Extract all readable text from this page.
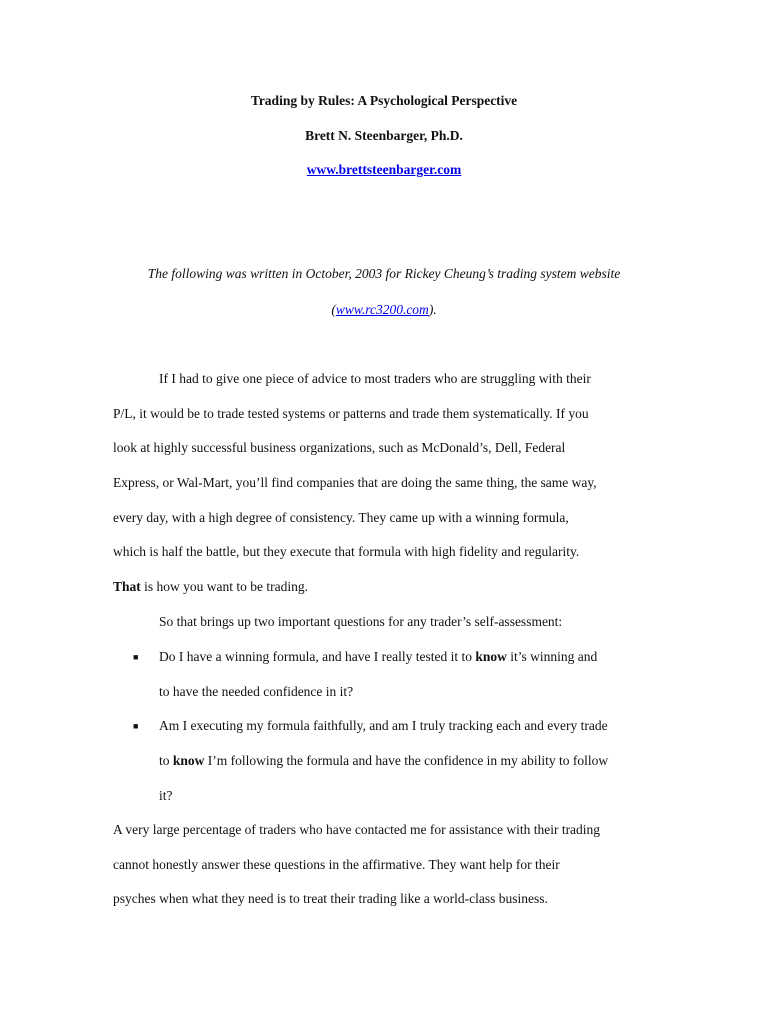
Trading by Rules: A Psychological Perspective
Brett N. Steenbarger, Ph.D.
www.brettsteenbarger.com
The following was written in October, 2003 for Rickey Cheung’s trading system website
(www.rc3200.com).
If I had to give one piece of advice to most traders who are struggling with their
P/L, it would be to trade tested systems or patterns and trade them systematically. If you
look at highly successful business organizations, such as McDonald’s, Dell, Federal
Express, or Wal-Mart, you’ll find companies that are doing the same thing, the same way,
every day, with a high degree of consistency. They came up with a winning formula,
which is half the battle, but they execute that formula with high fidelity and regularity.
That is how you want to be trading.
So that brings up two important questions for any trader’s self-assessment:
■ Do I have a winning formula, and have I really tested it to know it’s winning and
to have the needed confidence in it?
■ Am I executing my formula faithfully, and am I truly tracking each and every trade
to know I’m following the formula and have the confidence in my ability to follow
it?
A very large percentage of traders who have contacted me for assistance with their trading
cannot honestly answer these questions in the affirmative. They want help for their
psyches when what they need is to treat their trading like a world-class business.
